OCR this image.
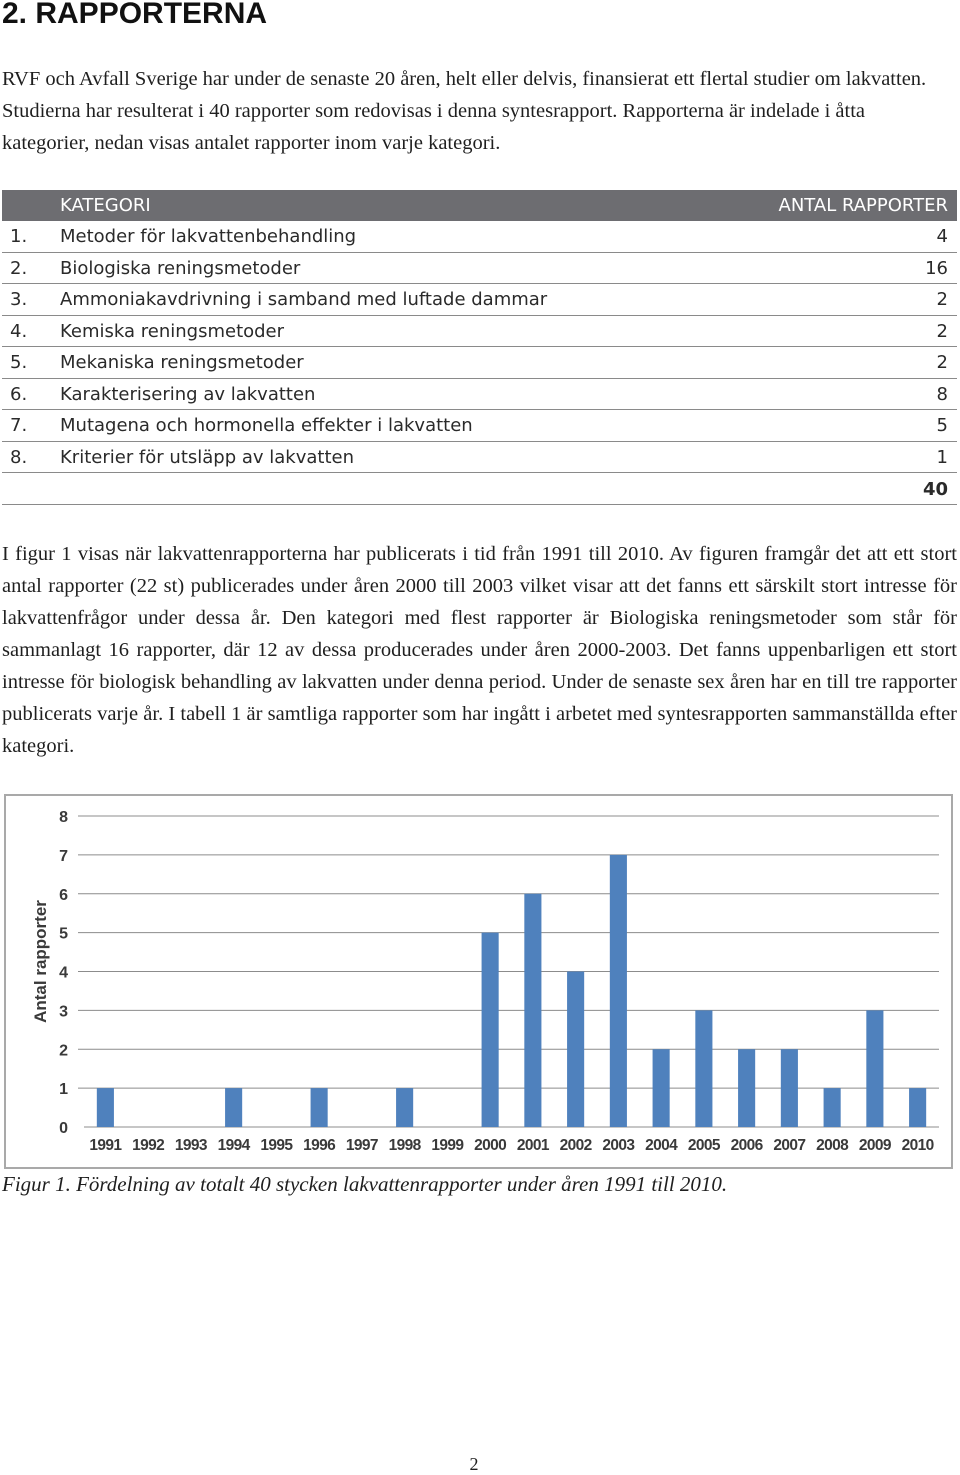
2. RAPPORTERNA

RVF och Avfall Sverige har under de senaste 20 åren, helt eller delvis, finansierat ett flertal studier om lakvatten. Studierna har resulterat i 40 rapporter som redovisas i denna syntesrapport. Rapporterna är indelade i åtta kategorier, nedan visas antalet rapporter inom varje kategori.

KATEGORI	ANTAL RAPPORTER
1. Metoder för lakvattenbehandling	4
2. Biologiska reningsmetoder	16
3. Ammoniakavdrivning i samband med luftade dammar	2
4. Kemiska reningsmetoder	2
5. Mekaniska reningsmetoder	2
6. Karakterisering av lakvatten	8
7. Mutagena och hormonella effekter i lakvatten	5
8. Kriterier för utsläpp av lakvatten	1
40

I figur 1 visas när lakvattenrapporterna har publicerats i tid från 1991 till 2010. Av figuren framgår det att ett stort antal rapporter (22 st) publicerades under åren 2000 till 2003 vilket visar att det fanns ett särskilt stort intresse för lakvattenfrågor under dessa år. Den kategori med flest rapporter är Biologiska reningsmetoder som står för sammanlagt 16 rapporter, där 12 av dessa producerades under åren 2000-2003. Det fanns uppenbarligen ett stort intresse för biologisk behandling av lakvatten under denna period. Under de senaste sex åren har en till tre rapporter publicerats varje år. I tabell 1 är samtliga rapporter som har ingått i arbetet med syntesrapporten sammanställda efter kategori.

0
1
2
3
4
5
6
7
8
Antal rapporter
1991 1992 1993 1994 1995 1996 1997 1998 1999 2000 2001 2002 2003 2004 2005 2006 2007 2008 2009 2010

Figur 1. Fördelning av totalt 40 stycken lakvattenrapporter under åren 1991 till 2010.

2
